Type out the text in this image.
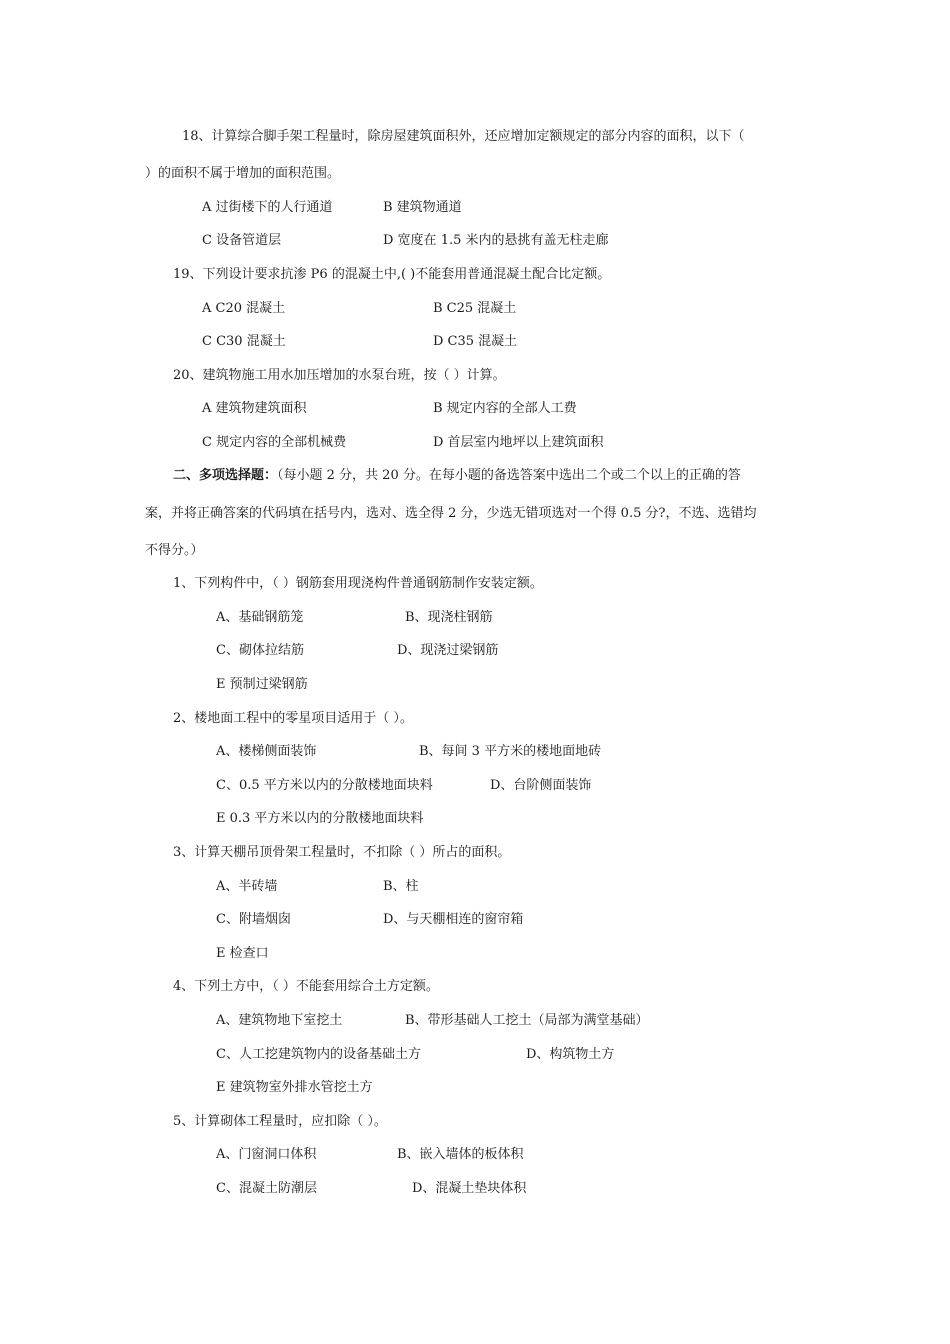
18、计算综合脚手架工程量时，除房屋建筑面积外，还应增加定额规定的部分内容的面积，以下（
）的面积不属于增加的面积范围。
A 过街楼下的人行通道	B 建筑物通道
C 设备管道层	D 宽度在 1.5 米内的悬挑有盖无柱走廊
19、下列设计要求抗渗 P6 的混凝土中,( )不能套用普通混凝土配合比定额。
A C20 混凝土	B C25 混凝土
C C30 混凝土	D C35 混凝土
20、建筑物施工用水加压增加的水泵台班，按（ ）计算。
A 建筑物建筑面积	B 规定内容的全部人工费
C 规定内容的全部机械费	D 首层室内地坪以上建筑面积
二、多项选择题：（每小题 2 分，共 20 分。在每小题的备选答案中选出二个或二个以上的正确的答
案，并将正确答案的代码填在括号内，选对、选全得 2 分，少选无错项选对一个得 0.5 分?，不选、选错均
不得分。）
1、下列构件中，（ ）钢筋套用现浇构件普通钢筋制作安装定额。
A、基础钢筋笼	B、现浇柱钢筋
C、砌体拉结筋	D、现浇过梁钢筋
E 预制过梁钢筋
2、楼地面工程中的零星项目适用于（ ）。
A、楼梯侧面装饰	B、每间 3 平方米的楼地面地砖
C、0.5 平方米以内的分散楼地面块料	D、台阶侧面装饰
E 0.3 平方米以内的分散楼地面块料
3、计算天棚吊顶骨架工程量时，不扣除（ ）所占的面积。
A、半砖墙	B、柱
C、附墙烟囱	D、与天棚相连的窗帘箱
E 检查口
4、下列土方中，（ ）不能套用综合土方定额。
A、建筑物地下室挖土	B、带形基础人工挖土（局部为满堂基础）
C、人工挖建筑物内的设备基础土方	D、构筑物土方
E 建筑物室外排水管挖土方
5、计算砌体工程量时，应扣除（ ）。
A、门窗洞口体积	B、嵌入墙体的板体积
C、混凝土防潮层	D、混凝土垫块体积
